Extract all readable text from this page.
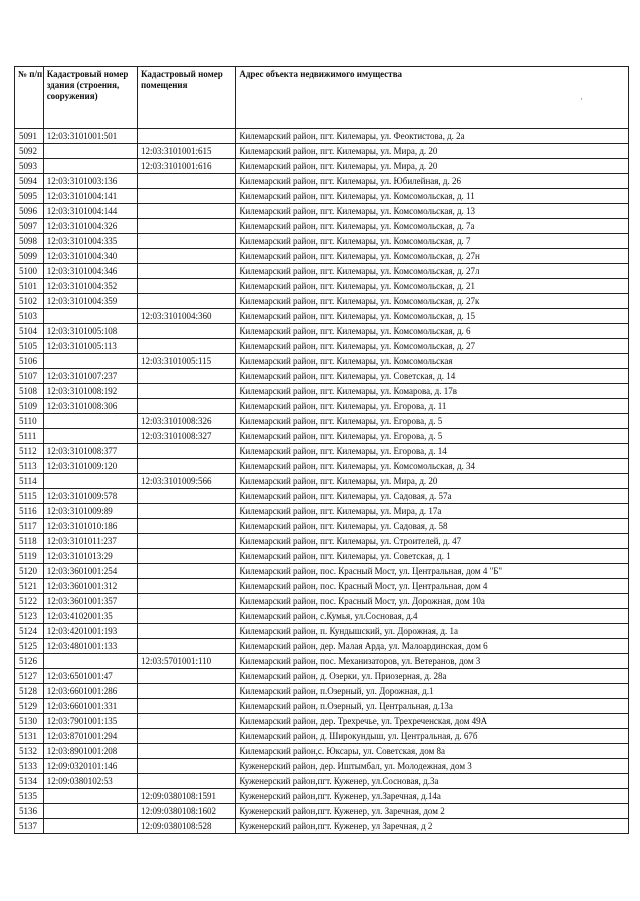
·
№ п/п	Кадастровый номер здания (строения, сооружения)	Кадастровый номер помещения	Адрес объекта недвижимого имущества
5091	12:03:3101001:501		Килемарский район, пгт. Килемары, ул. Феоктистова, д. 2а
5092		12:03:3101001:615	Килемарский район, пгт. Килемары, ул. Мира, д. 20
5093		12:03:3101001:616	Килемарский район, пгт. Килемары, ул. Мира, д. 20
5094	12:03:3101003:136		Килемарский район, пгт. Килемары, ул. Юбилейная, д. 26
5095	12:03:3101004:141		Килемарский район, пгт. Килемары, ул. Комсомольская, д. 11
5096	12:03:3101004:144		Килемарский район, пгт. Килемары, ул. Комсомольская, д. 13
5097	12:03:3101004:326		Килемарский район, пгт. Килемары, ул. Комсомольская, д. 7а
5098	12:03:3101004:335		Килемарский район, пгт. Килемары, ул. Комсомольская, д. 7
5099	12:03:3101004:340		Килемарский район, пгт. Килемары, ул. Комсомольская, д. 27н
5100	12:03:3101004:346		Килемарский район, пгт. Килемары, ул. Комсомольская, д. 27л
5101	12:03:3101004:352		Килемарский район, пгт. Килемары, ул. Комсомольская, д. 21
5102	12:03:3101004:359		Килемарский район, пгт. Килемары, ул. Комсомольская, д. 27к
5103		12:03:3101004:360	Килемарский район, пгт. Килемары, ул. Комсомольская, д. 15
5104	12:03:3101005:108		Килемарский район, пгт. Килемары, ул. Комсомольская, д. 6
5105	12:03:3101005:113		Килемарский район, пгт. Килемары, ул. Комсомольская, д. 27
5106		12:03:3101005:115	Килемарский район, пгт. Килемары, ул. Комсомольская
5107	12:03:3101007:237		Килемарский район, пгт. Килемары, ул. Советская, д. 14
5108	12:03:3101008:192		Килемарский район, пгт. Килемары, ул. Комарова, д. 17в
5109	12:03:3101008:306		Килемарский район, пгт. Килемары, ул. Егорова, д. 11
5110		12:03:3101008:326	Килемарский район, пгт. Килемары, ул. Егорова, д. 5
5111		12:03:3101008:327	Килемарский район, пгт. Килемары, ул. Егорова, д. 5
5112	12:03:3101008:377		Килемарский район, пгт. Килемары, ул. Егорова, д. 14
5113	12:03:3101009:120		Килемарский район, пгт. Килемары, ул. Комсомольская, д. 34
5114		12:03:3101009:566	Килемарский район, пгт. Килемары, ул. Мира, д. 20
5115	12:03:3101009:578		Килемарский район, пгт. Килемары, ул. Садовая, д. 57а
5116	12:03:3101009:89		Килемарский район, пгт. Килемары, ул. Мира, д. 17а
5117	12:03:3101010:186		Килемарский район, пгт. Килемары, ул. Садовая, д. 58
5118	12:03:3101011:237		Килемарский район, пгт. Килемары, ул. Строителей, д. 47
5119	12:03:3101013:29		Килемарский район, пгт. Килемары, ул. Советская, д. 1
5120	12:03:3601001:254		Килемарский район, пос. Красный Мост, ул. Центральная, дом 4 "Б"
5121	12:03:3601001:312		Килемарский район, пос. Красный Мост, ул. Центральная, дом 4
5122	12:03:3601001:357		Килемарский район, пос. Красный Мост, ул. Дорожная, дом 10а
5123	12:03:4102001:35		Килемарский район, с.Кумья, ул.Сосновая, д.4
5124	12:03:4201001:193		Килемарский район, п. Кундышский, ул. Дорожная, д. 1а
5125	12:03:4801001:133		Килемарский район, дер. Малая Арда, ул. Малоардинская, дом 6
5126		12:03:5701001:110	Килемарский район, пос. Механизаторов, ул. Ветеранов, дом 3
5127	12:03:6501001:47		Килемарский район, д. Озерки, ул. Приозерная, д. 28а
5128	12:03:6601001:286		Килемарский район, п.Озерный, ул. Дорожная, д.1
5129	12:03:6601001:331		Килемарский район, п.Озерный, ул. Центральная, д.13а
5130	12:03:7901001:135		Килемарский район, дер. Трехречье, ул. Трехреченская, дом 49А
5131	12:03:8701001:294		Килемарский район, д. Широкундыш, ул. Центральная, д. 67б
5132	12:03:8901001:208		Килемарский район,с. Юксары, ул. Советская, дом 8а
5133	12:09:0320101:146		Куженерский район, дер. Иштымбал, ул. Молодежная, дом 3
5134	12:09:0380102:53		Куженерский район,пгт. Куженер, ул.Сосновая, д.3а
5135		12:09:0380108:1591	Куженерский район,пгт. Куженер, ул.Заречная, д.14а
5136		12:09:0380108:1602	Куженерский район,пгт. Куженер, ул. Заречная, дом 2
5137		12:09:0380108:528	Куженерский район,пгт. Куженер, ул Заречная, д 2
